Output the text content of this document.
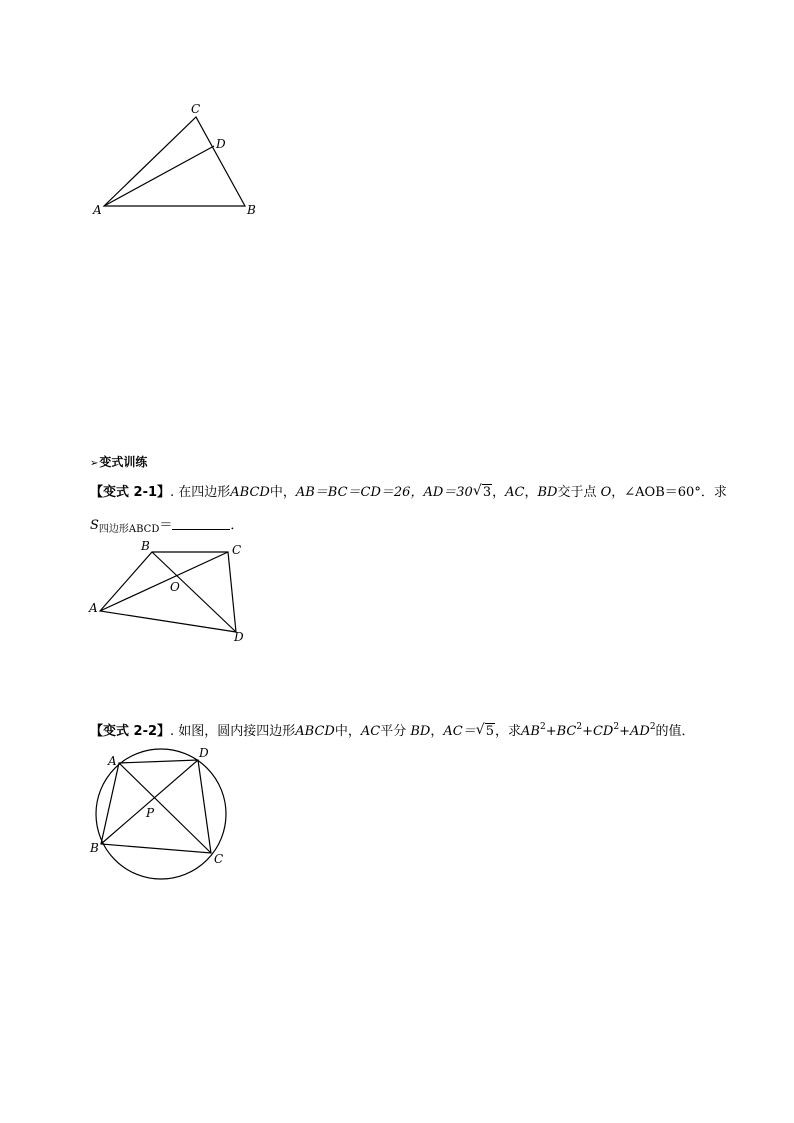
C
D
A	B
➢变式训练
【变式 2-1】. 在四边形ABCD中，AB＝BC＝CD＝26，AD＝30 √ 3，AC，BD交于点 O，∠AOB＝60°．求
$S_{四边形ABCD}=$	．
B	C
O
A
D
【变式 2-2】. 如图，圆内接四边形ABCD中，AC平分 BD，AC＝ √ 5，求$AB^2+BC^2+CD^2+AD^2$的值．
A
D
P
B
C
